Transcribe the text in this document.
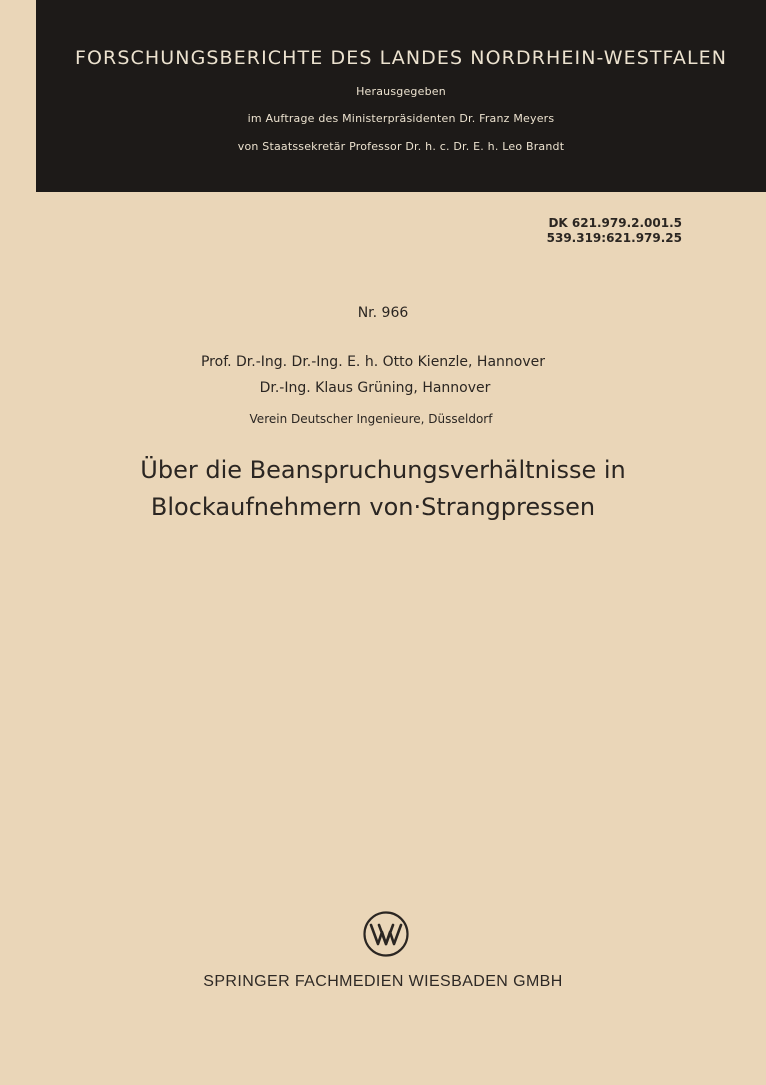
FORSCHUNGSBERICHTE DES LANDES NORDRHEIN-WESTFALEN
Herausgegeben
im Auftrage des Ministerpräsidenten Dr. Franz Meyers
von Staatssekretär Professor Dr. h. c. Dr. E. h. Leo Brandt
DK 621.979.2.001.5
539.319:621.979.25
Nr. 966
Prof. Dr.-Ing. Dr.-Ing. E. h. Otto Kienzle, Hannover
Dr.-Ing. Klaus Grüning, Hannover
Verein Deutscher Ingenieure, Düsseldorf
Über die Beanspruchungsverhältnisse in
Blockaufnehmern von·Strangpressen
SPRINGER FACHMEDIEN WIESBADEN GMBH
